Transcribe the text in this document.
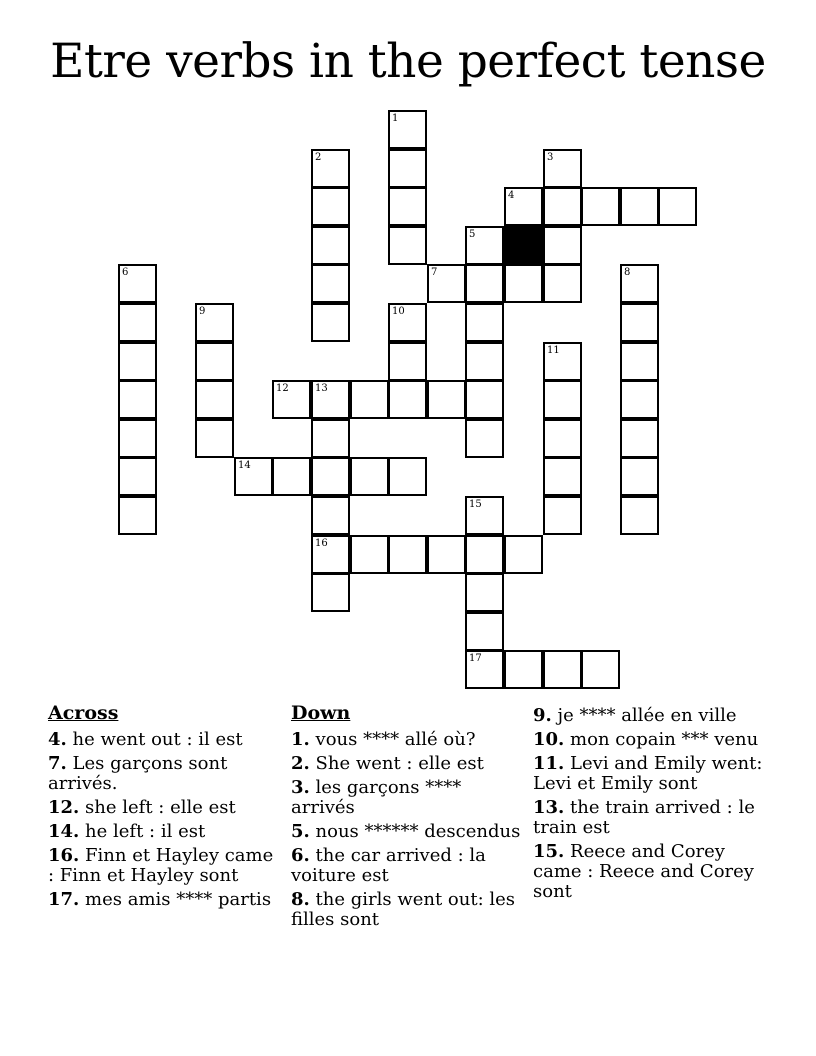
Etre verbs in the perfect tense
1
2	3
4
5
6	7	8
9	10
11
12	13
16
14
15
17
Across
4. he went out : il est
7. Les garçons sont arrivés.
12. she left : elle est
14. he left : il est
16. Finn et Hayley came : Finn et Hayley sont
17. mes amis **** partis
Down
1. vous **** allé où?
2. She went : elle est
3. les garçons **** arrivés
5. nous ****** descendus
6. the car arrived : la voiture est
8. the girls went out: les filles sont
9. je **** allée en ville
10. mon copain *** venu
11. Levi and Emily went: Levi et Emily sont
13. the train arrived : le train est
15. Reece and Corey came : Reece and Corey sont
